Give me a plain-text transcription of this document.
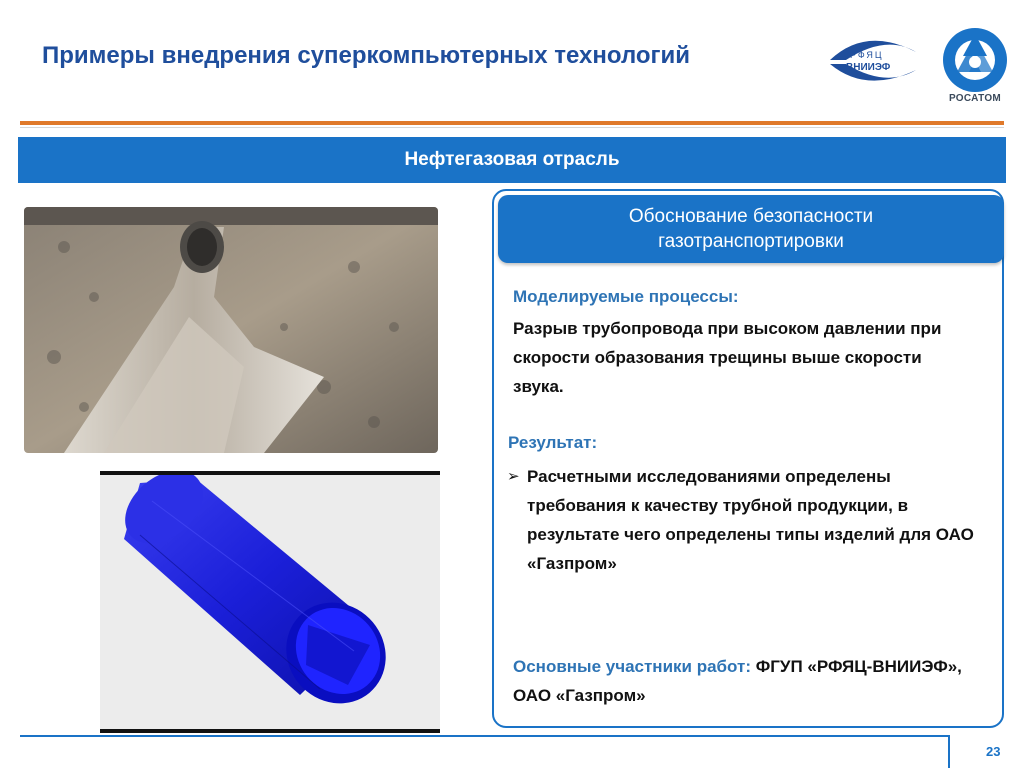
Примеры внедрения суперкомпьютерных технологий	РФЯЦ
ВНИИЭФ
РОСАТОМ
Нефтегазовая отрасль
Обоснование безопасности
газотранспортировки
Моделируемые процессы:
Разрыв трубопровода при высоком давлении при скорости образования трещины выше скорости звука.
Результат:
➢ Расчетными исследованиями определены требования к качеству трубной продукции, в результате чего определены типы изделий для ОАО «Газпром»
Основные участники работ: ФГУП «РФЯЦ-ВНИИЭФ», ОАО «Газпром»
23
